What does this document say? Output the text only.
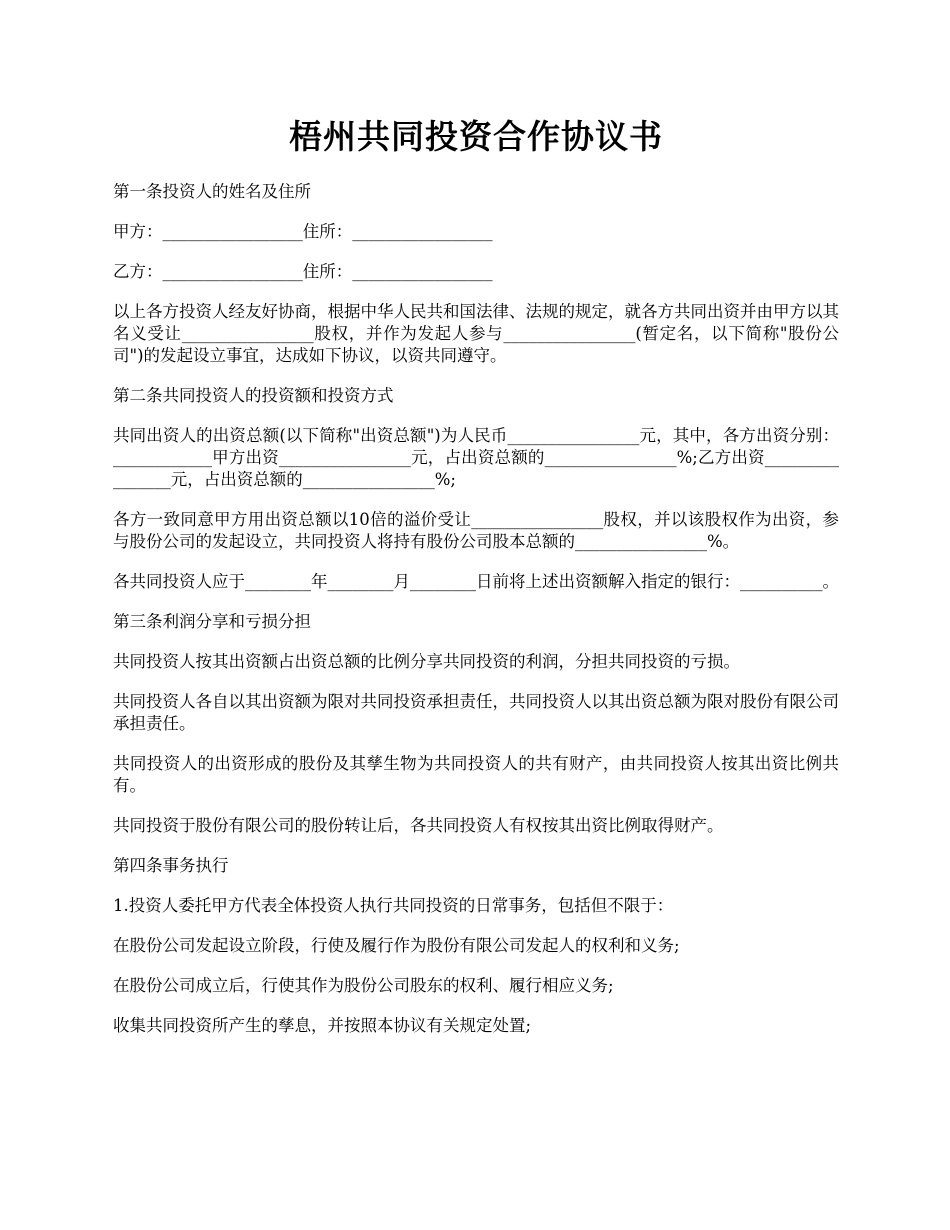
梧州共同投资合作协议书

第一条投资人的姓名及住所

甲方：_________________住所：_________________

乙方：_________________住所：_________________

以上各方投资人经友好协商，根据中华人民共和国法律、法规的规定，就各方共同出资并由甲方以其名义受让________________股权，并作为发起人参与________________(暂定名，以下简称"股份公司")的发起设立事宜，达成如下协议，以资共同遵守。

第二条共同投资人的投资额和投资方式

共同出资人的出资总额(以下简称"出资总额")为人民币________________元，其中，各方出资分别：____________甲方出资________________元，占出资总额的________________%;乙方出资________________元，占出资总额的________________%;

各方一致同意甲方用出资总额以10倍的溢价受让________________股权，并以该股权作为出资，参与股份公司的发起设立，共同投资人将持有股份公司股本总额的________________%。

各共同投资人应于________年________月________日前将上述出资额解入指定的银行：__________。

第三条利润分享和亏损分担

共同投资人按其出资额占出资总额的比例分享共同投资的利润，分担共同投资的亏损。

共同投资人各自以其出资额为限对共同投资承担责任，共同投资人以其出资总额为限对股份有限公司承担责任。

共同投资人的出资形成的股份及其孳生物为共同投资人的共有财产，由共同投资人按其出资比例共有。

共同投资于股份有限公司的股份转让后，各共同投资人有权按其出资比例取得财产。

第四条事务执行

1.投资人委托甲方代表全体投资人执行共同投资的日常事务，包括但不限于：

在股份公司发起设立阶段，行使及履行作为股份有限公司发起人的权利和义务;

在股份公司成立后，行使其作为股份公司股东的权利、履行相应义务;

收集共同投资所产生的孳息，并按照本协议有关规定处置;
